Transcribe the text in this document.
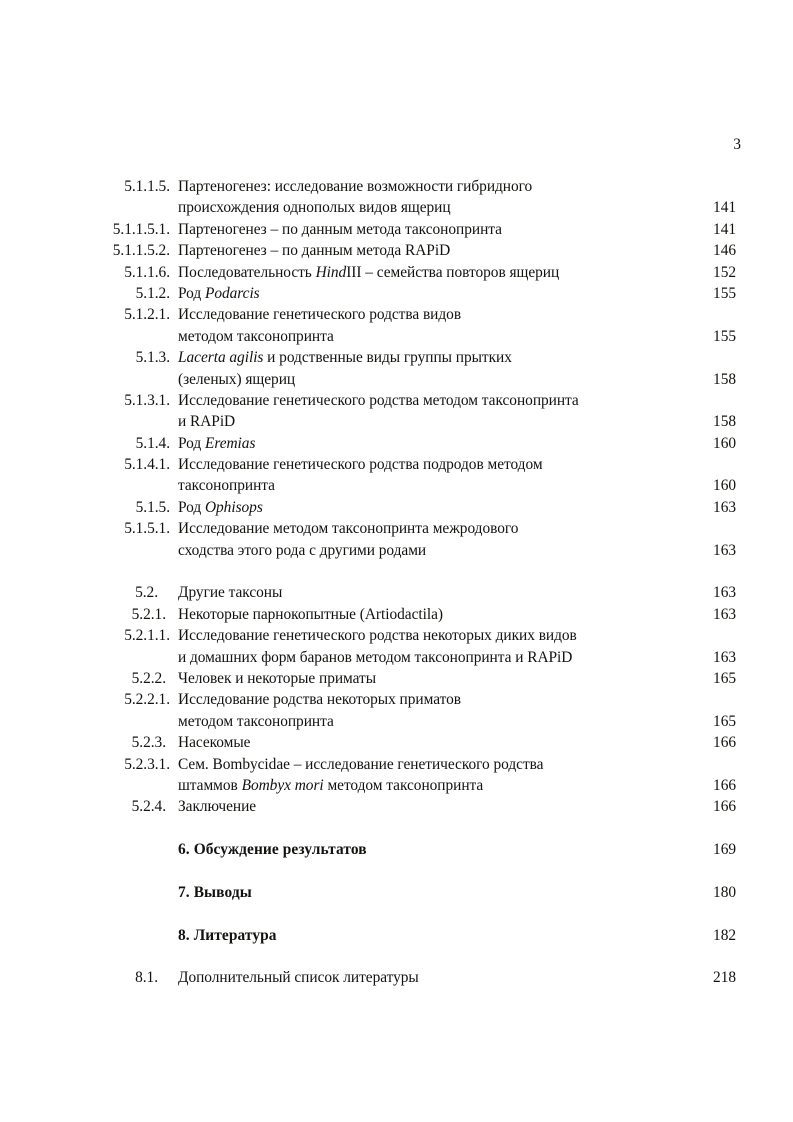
3
5.1.1.5. Партеногенез: исследование возможности гибридного
происхождения однополых видов ящериц	141
5.1.1.5.1. Партеногенез – по данным метода таксонопринта	141
5.1.1.5.2. Партеногенез – по данным метода RAPiD	146
5.1.1.6. Последовательность HindIII – семейства повторов ящериц	152
5.1.2. Род Podarcis	155
5.1.2.1. Исследование генетического родства видов
методом таксонопринта	155
5.1.3. Lacerta agilis и родственные виды группы прытких
(зеленых) ящериц	158
5.1.3.1. Исследование генетического родства методом таксонопринта
и RAPiD	158
5.1.4. Род Eremias	160
5.1.4.1. Исследование генетического родства подродов методом
таксонопринта	160
5.1.5. Род Ophisops	163
5.1.5.1. Исследование методом таксонопринта межродового
сходства этого рода с другими родами	163
5.2. Другие таксоны	163
5.2.1. Некоторые парнокопытные (Artiodactila)	163
5.2.1.1. Исследование генетического родства некоторых диких видов
и домашних форм баранов методом таксонопринта и RAPiD	163
5.2.2. Человек и некоторые приматы	165
5.2.2.1. Исследование родства некоторых приматов
методом таксонопринта	165
5.2.3. Насекомые	166
5.2.3.1. Сем. Bombycidae – исследование генетического родства
штаммов Bombyx mori методом таксонопринта	166
5.2.4. Заключение	166
6. Обсуждение результатов	169
7. Выводы	180
8. Литература	182
8.1. Дополнительный список литературы	218
